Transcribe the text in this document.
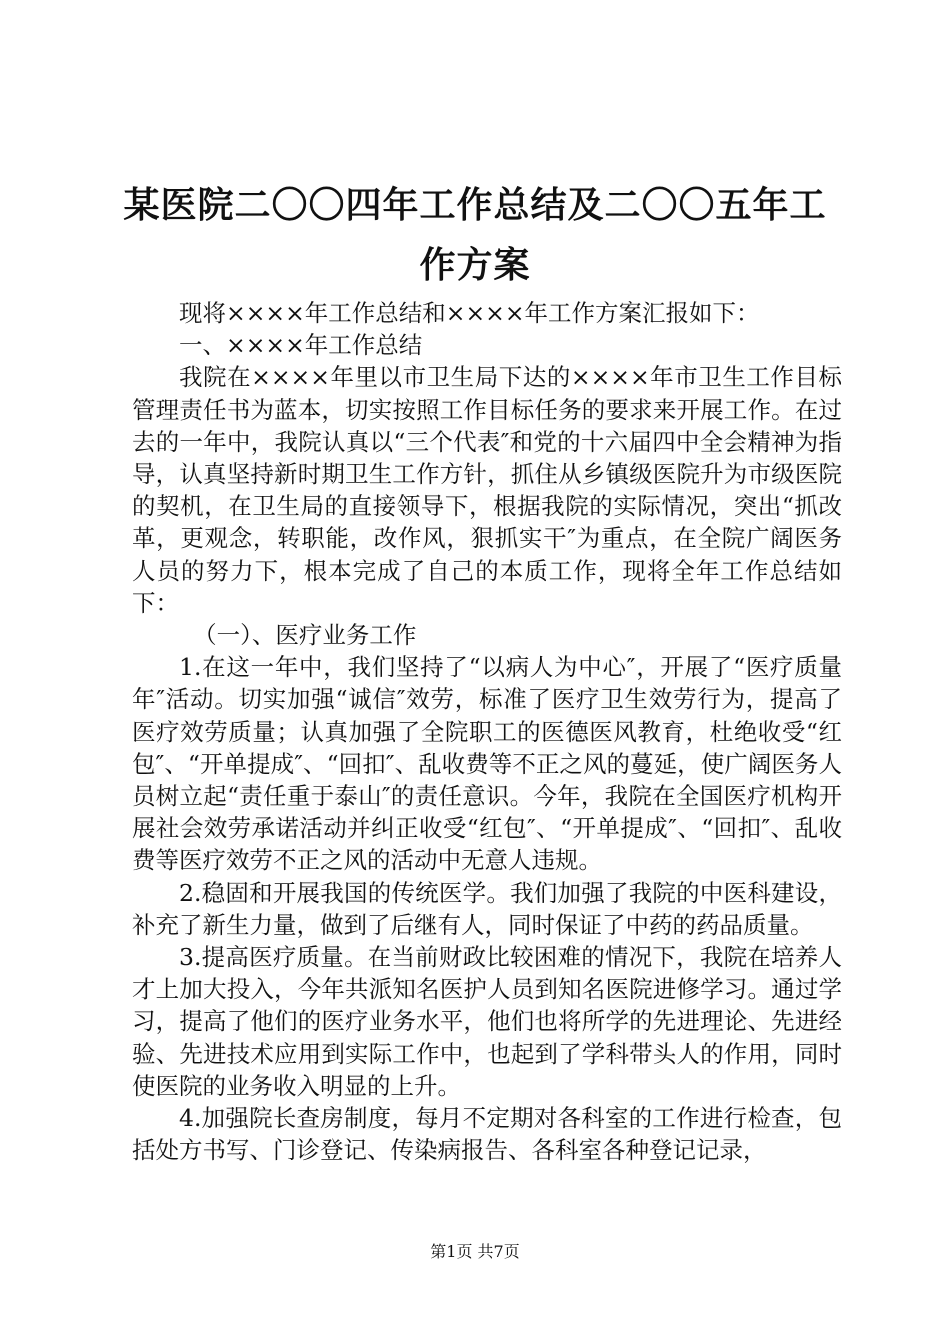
某医院二〇〇四年工作总结及二〇〇五年工作方案

现将××××年工作总结和××××年工作方案汇报如下：

一、××××年工作总结

我院在××××年里以市卫生局下达的××××年市卫生工作目标管理责任书为蓝本，切实按照工作目标任务的要求来开展工作。在过去的一年中，我院认真以“三个代表″和党的十六届四中全会精神为指导，认真坚持新时期卫生工作方针，抓住从乡镇级医院升为市级医院的契机，在卫生局的直接领导下，根据我院的实际情况，突出“抓改革，更观念，转职能，改作风，狠抓实干″为重点，在全院广阔医务人员的努力下，根本完成了自己的本质工作，现将全年工作总结如下：

（一）、医疗业务工作

1.在这一年中，我们坚持了“以病人为中心″，开展了“医疗质量年″活动。切实加强“诚信″效劳，标准了医疗卫生效劳行为，提高了医疗效劳质量；认真加强了全院职工的医德医风教育，杜绝收受“红包″、“开单提成″、“回扣″、乱收费等不正之风的蔓延，使广阔医务人员树立起“责任重于泰山″的责任意识。今年，我院在全国医疗机构开展社会效劳承诺活动并纠正收受“红包″、“开单提成″、“回扣″、乱收费等医疗效劳不正之风的活动中无意人违规。

2.稳固和开展我国的传统医学。我们加强了我院的中医科建设，补充了新生力量，做到了后继有人，同时保证了中药的药品质量。

3.提高医疗质量。在当前财政比较困难的情况下，我院在培养人才上加大投入，今年共派知名医护人员到知名医院进修学习。通过学习，提高了他们的医疗业务水平，他们也将所学的先进理论、先进经验、先进技术应用到实际工作中，也起到了学科带头人的作用，同时使医院的业务收入明显的上升。

4.加强院长查房制度，每月不定期对各科室的工作进行检查，包括处方书写、门诊登记、传染病报告、各科室各种登记记录，

第1页 共7页
